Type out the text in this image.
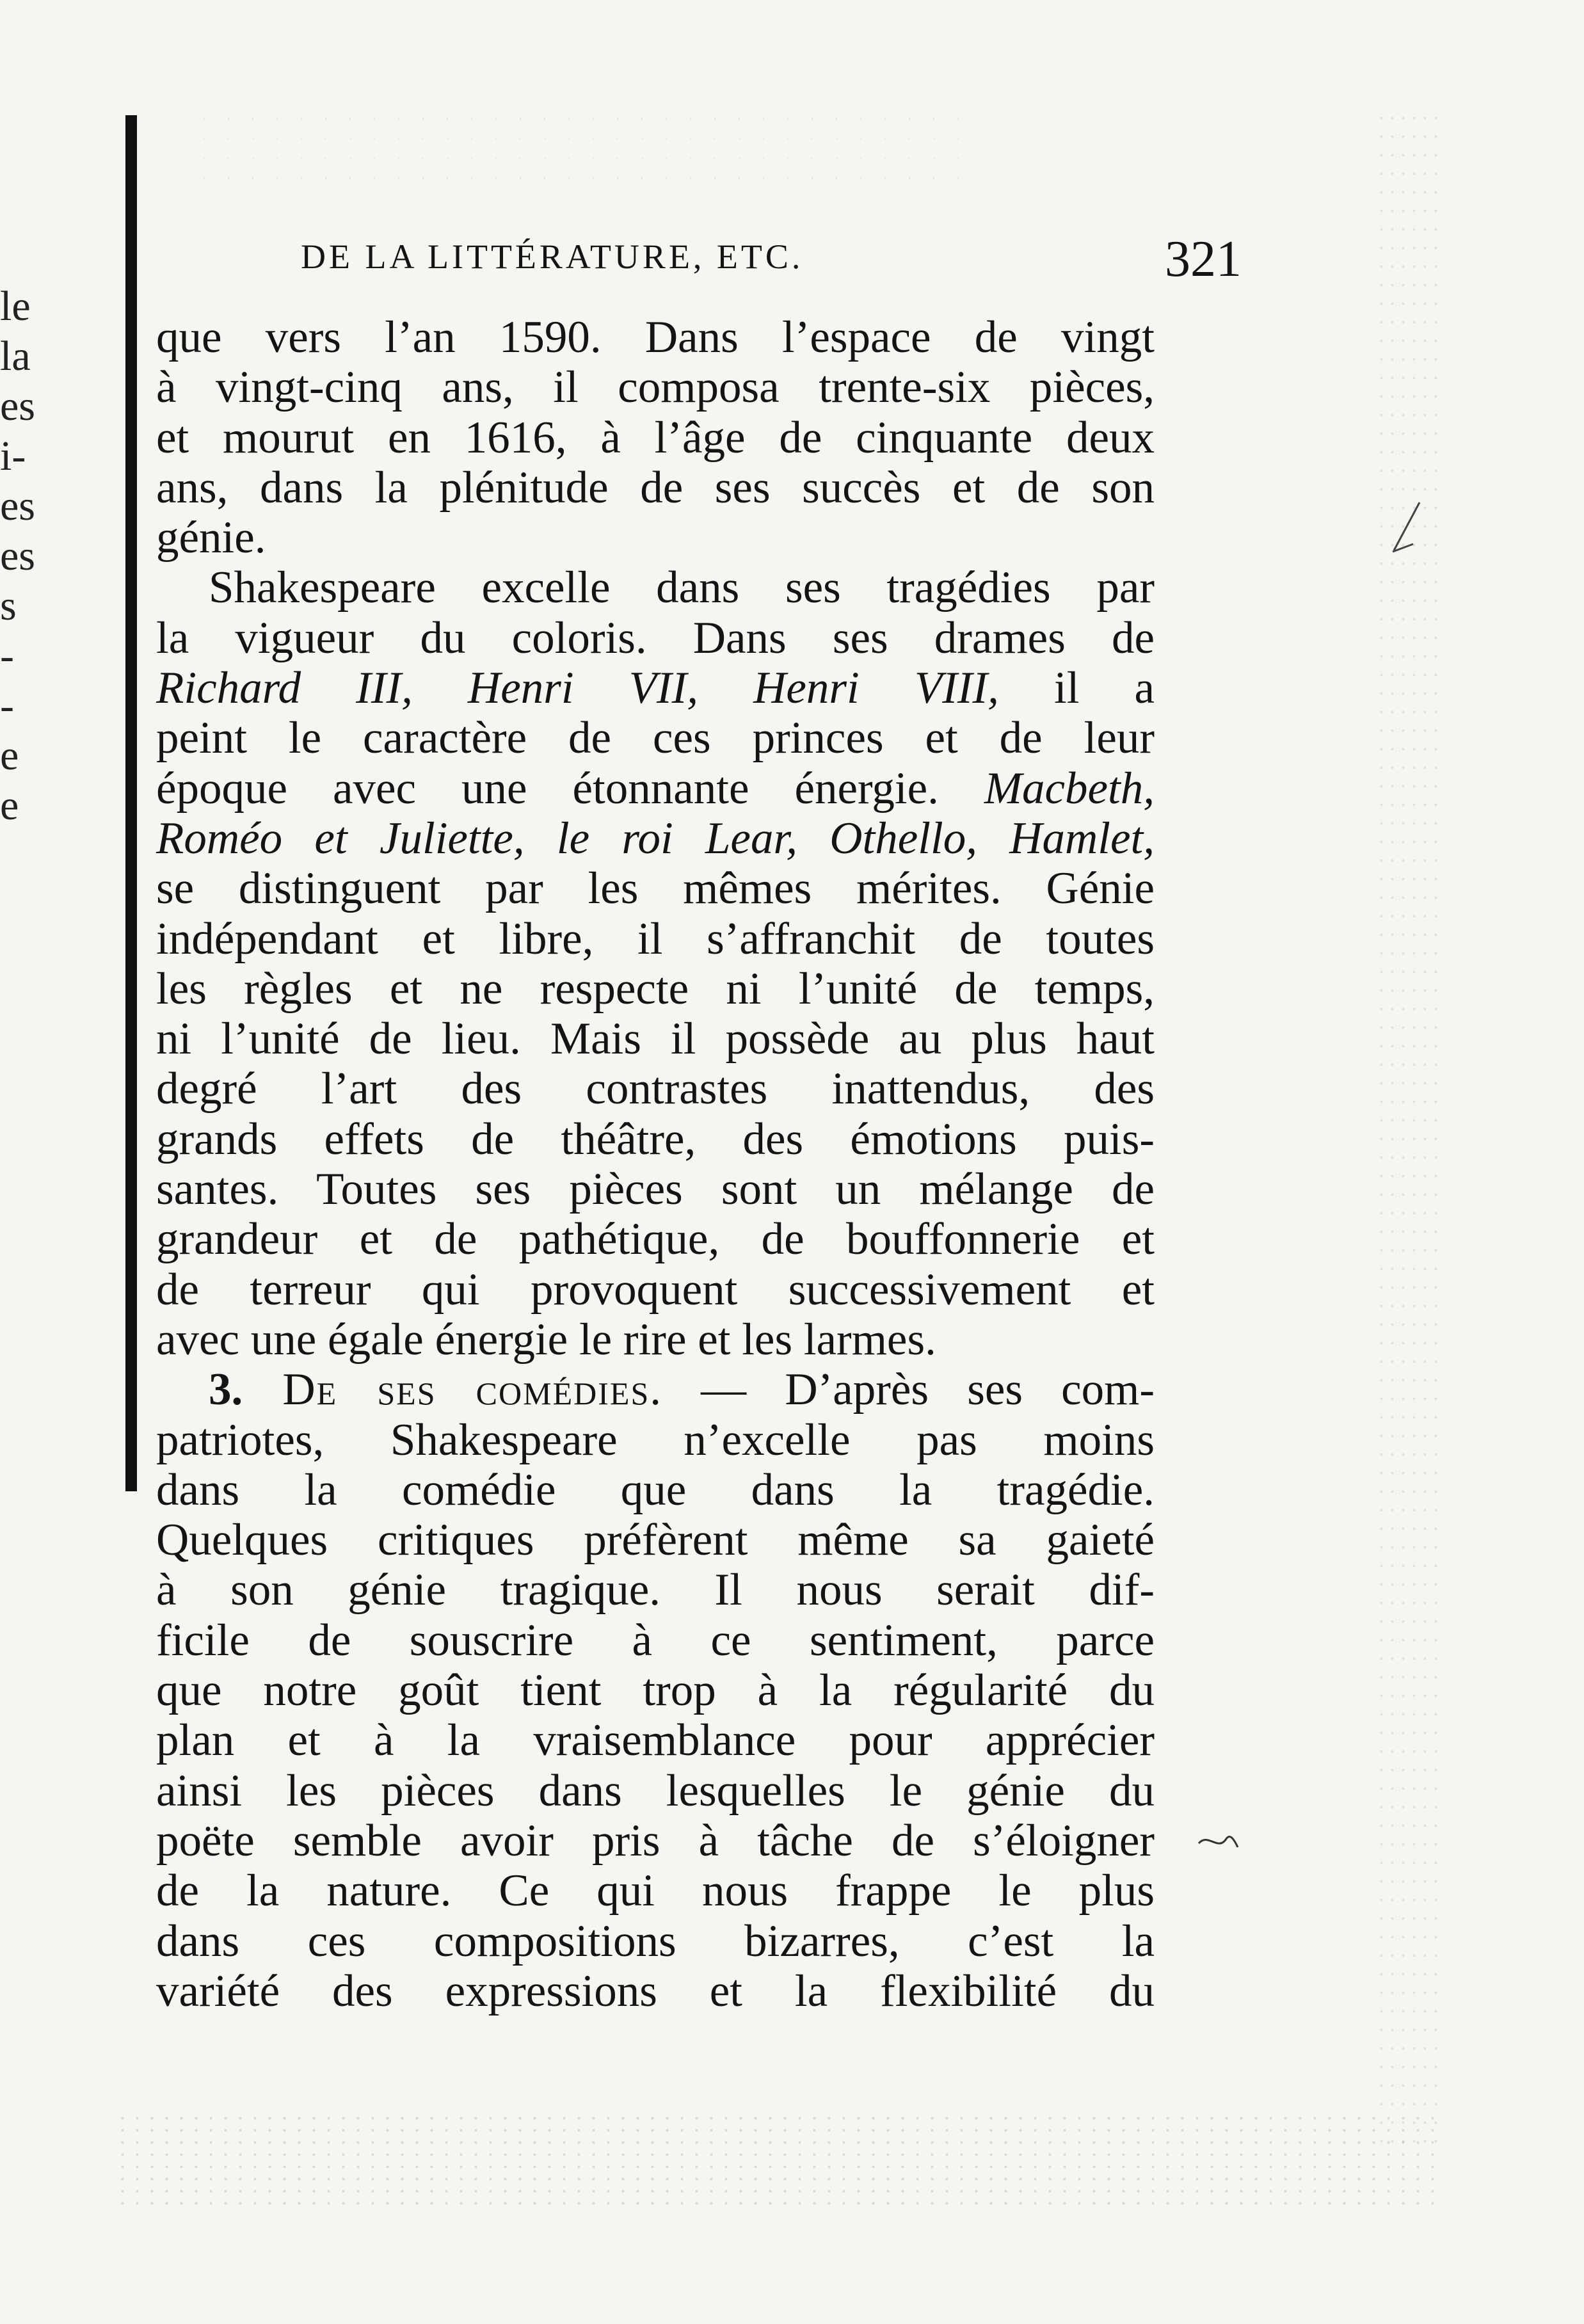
le
la
es
i-
es
es
s
-
-
e
e
DE LA LITTÉRATURE, ETC.	321
que vers l’an 1590. Dans l’espace de vingt
à vingt-cinq ans, il composa trente-six pièces,
et mourut en 1616, à l’âge de cinquante deux
ans, dans la plénitude de ses succès et de son
génie.
Shakespeare excelle dans ses tragédies par
la vigueur du coloris. Dans ses drames de
Richard III, Henri VII, Henri VIII, il a
peint le caractère de ces princes et de leur
époque avec une étonnante énergie. Macbeth,
Roméo et Juliette, le roi Lear, Othello, Hamlet,
se distinguent par les mêmes mérites. Génie
indépendant et libre, il s’affranchit de toutes
les règles et ne respecte ni l’unité de temps,
ni l’unité de lieu. Mais il possède au plus haut
degré l’art des contrastes inattendus, des
grands effets de théâtre, des émotions puis-
santes. Toutes ses pièces sont un mélange de
grandeur et de pathétique, de bouffonnerie et
de terreur qui provoquent successivement et
avec une égale énergie le rire et les larmes.
3. De ses comédies. — D’après ses com-
patriotes, Shakespeare n’excelle pas moins
dans la comédie que dans la tragédie.
Quelques critiques préfèrent même sa gaieté
à son génie tragique. Il nous serait dif-
ficile de souscrire à ce sentiment, parce
que notre goût tient trop à la régularité du
plan et à la vraisemblance pour apprécier
ainsi les pièces dans lesquelles le génie du
poëte semble avoir pris à tâche de s’éloigner
de la nature. Ce qui nous frappe le plus
dans ces compositions bizarres, c’est la
variété des expressions et la flexibilité du
